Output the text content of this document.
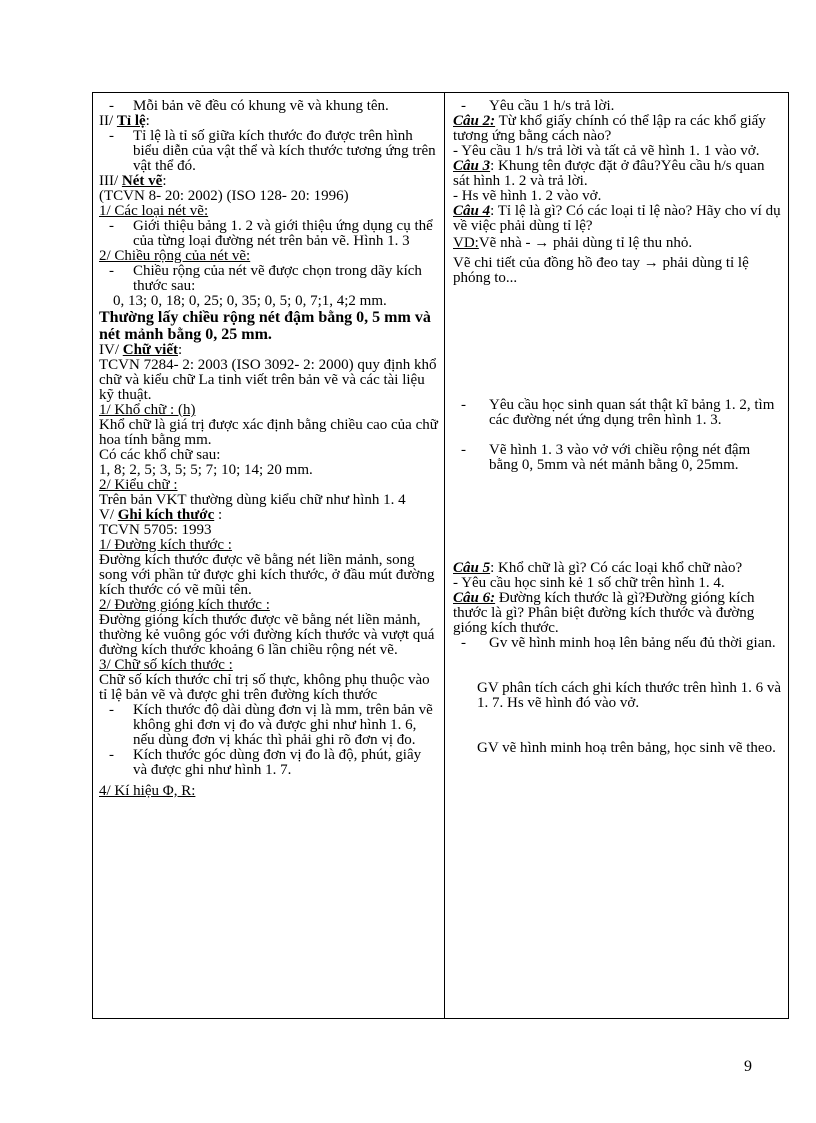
- Mỗi bản vẽ đều có khung vẽ và khung tên.

II/ Tỉ lệ:

- Tỉ lệ là tỉ số giữa kích thước đo được trên hình biểu diễn của vật thể và kích thước tương ứng trên vật thể đó.

III/ Nét vẽ:

(TCVN 8- 20: 2002) (ISO 128- 20: 1996)

1/ Các loại nét vẽ:

- Giới thiệu bảng 1. 2 và giới thiệu ứng dụng cụ thể của từng loại đường nét trên bản vẽ. Hình 1. 3

2/ Chiều rộng của nét vẽ:

- Chiều rộng của nét vẽ được chọn trong dãy kích thước sau:

0, 13; 0, 18; 0, 25; 0, 35; 0, 5; 0, 7;1, 4;2 mm.

Thường lấy chiều rộng nét đậm bằng 0, 5 mm và nét mảnh bằng 0, 25 mm.

IV/ Chữ viết:

TCVN 7284- 2: 2003 (ISO 3092- 2: 2000) quy định khổ chữ và kiểu chữ La tinh viết trên bản vẽ và các tài liệu kỹ thuật.

1/ Khổ chữ : (h)

Khổ chữ là giá trị được xác định bằng chiều cao của chữ hoa tính bằng mm.

Có các khổ chữ sau:

1, 8; 2, 5; 3, 5; 5; 7; 10; 14; 20 mm.

2/ Kiểu chữ :

Trên bản VKT thường dùng kiểu chữ như hình 1. 4

V/ Ghi kích thước :

TCVN 5705: 1993

1/ Đường kích thước :

Đường kích thước được vẽ bằng nét liền mảnh, song song với phần tử được ghi kích thước, ở đầu mút đường kích thước có vẽ mũi tên.

2/ Đường gióng kích thước :

Đường gióng kích thước được vẽ bằng nét liền mảnh, thường kẻ vuông góc với đường kích thước và vượt quá đường kích thước khoảng 6 lần chiều rộng nét vẽ.

3/ Chữ số kích thước :

Chữ số kích thước chỉ trị số thực, không phụ thuộc vào tỉ lệ bản vẽ và được ghi trên đường kích thước

- Kích thước độ dài dùng đơn vị là mm, trên bản vẽ không ghi đơn vị đo và được ghi như hình 1. 6, nếu dùng đơn vị khác thì phải ghi rõ đơn vị đo.

- Kích thước góc dùng đơn vị đo là độ, phút, giây và được ghi như hình 1. 7.

4/ Kí hiệu Φ, R:

- Yêu cầu 1 h/s trả lời.

Câu 2: Từ khổ giấy chính có thể lập ra các khổ giấy tương ứng bằng cách nào?

- Yêu cầu 1 h/s trả lời và tất cả vẽ hình 1. 1 vào vở.

Câu 3: Khung tên được đặt ở đâu?Yêu cầu h/s quan sát hình 1. 2 và trả lời.

- Hs vẽ hình 1. 2 vào vở.

Câu 4: Tỉ lệ là gì? Có các loại tỉ lệ nào? Hãy cho ví dụ về việc phải dùng tỉ lệ?

VD:Vẽ nhà - → phải dùng tỉ lệ thu nhỏ.

Vẽ chi tiết của đồng hồ đeo tay → phải dùng tỉ lệ phóng to...

- Yêu cầu học sinh quan sát thật kĩ bảng 1. 2, tìm các đường nét ứng dụng trên hình 1. 3.

- Vẽ hình 1. 3 vào vở với chiều rộng nét đậm bằng 0, 5mm và nét mảnh bằng 0, 25mm.

Câu 5: Khổ chữ là gì? Có các loại khổ chữ nào?

- Yêu cầu học sinh kẻ 1 số chữ trên hình 1. 4.

Câu 6: Đường kích thước là gì?Đường gióng kích thước là gì? Phân biệt đường kích thước và đường gióng kích thước.

- Gv vẽ hình minh hoạ lên bảng nếu đủ thời gian.

GV phân tích cách ghi kích thước trên hình 1. 6 và 1. 7. Hs vẽ hình đó vào vở.

GV vẽ hình minh hoạ trên bảng, học sinh vẽ theo.

9
